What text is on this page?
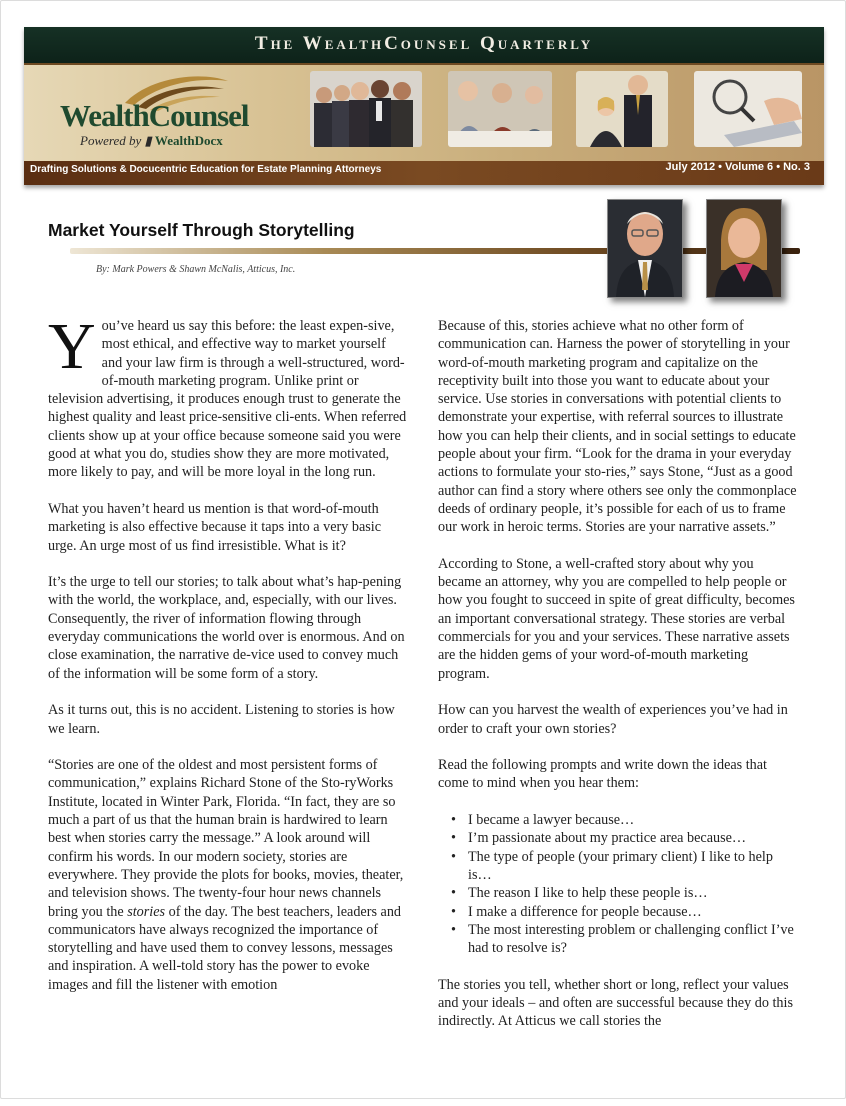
The WealthCounsel Quarterly
WealthCounsel
Powered by ▮ WealthDocx
Drafting Solutions & Docucentric Education for Estate Planning Attorneys	July 2012 • Volume 6 • No. 3
Market Yourself Through Storytelling
By: Mark Powers & Shawn McNalis, Atticus, Inc.

You’ve heard us say this before: the least expen-sive, most ethical, and effective way to market yourself and your law firm is through a well-structured, word-of-mouth marketing program. Unlike print or television advertising, it produces enough trust to generate the highest quality and least price-sensitive cli-ents. When referred clients show up at your office because someone said you were good at what you do, studies show they are more motivated, more likely to pay, and will be more loyal in the long run.

What you haven’t heard us mention is that word-of-mouth marketing is also effective because it taps into a very basic urge. An urge most of us find irresistible. What is it?

It’s the urge to tell our stories; to talk about what’s hap-pening with the world, the workplace, and, especially, with our lives. Consequently, the river of information flowing through everyday communications the world over is enormous. And on close examination, the narrative de-vice used to convey much of the information will be some form of a story.

As it turns out, this is no accident. Listening to stories is how we learn.

“Stories are one of the oldest and most persistent forms of communication,” explains Richard Stone of the Sto-ryWorks Institute, located in Winter Park, Florida. “In fact, they are so much a part of us that the human brain is hardwired to learn best when stories carry the message.” A look around will confirm his words. In our modern society, stories are everywhere. They provide the plots for books, movies, theater, and television shows. The twenty-four hour news channels bring you the stories of the day. The best teachers, leaders and communicators have always recognized the importance of storytelling and have used them to convey lessons, messages and inspiration. A well-told story has the power to evoke images and fill the listener with emotion

Because of this, stories achieve what no other form of communication can. Harness the power of storytelling in your word-of-mouth marketing program and capitalize on the receptivity built into those you want to educate about your service. Use stories in conversations with potential clients to demonstrate your expertise, with referral sources to illustrate how you can help their clients, and in social settings to educate people about your firm. “Look for the drama in your everyday actions to formulate your sto-ries,” says Stone, “Just as a good author can find a story where others see only the commonplace deeds of ordinary people, it’s possible for each of us to frame our work in heroic terms. Stories are your narrative assets.”

According to Stone, a well-crafted story about why you became an attorney, why you are compelled to help people or how you fought to succeed in spite of great difficulty, becomes an important conversational strategy. These stories are verbal commercials for you and your services. These narrative assets are the hidden gems of your word-of-mouth marketing program.

How can you harvest the wealth of experiences you’ve had in order to craft your own stories?

Read the following prompts and write down the ideas that come to mind when you hear them:

• I became a lawyer because…
• I’m passionate about my practice area because…
• The type of people (your primary client) I like to help is…
• The reason I like to help these people is…
• I make a difference for people because…
• The most interesting problem or challenging conflict I’ve had to resolve is?

The stories you tell, whether short or long, reflect your values and your ideals – and often are successful because they do this indirectly. At Atticus we call stories the
